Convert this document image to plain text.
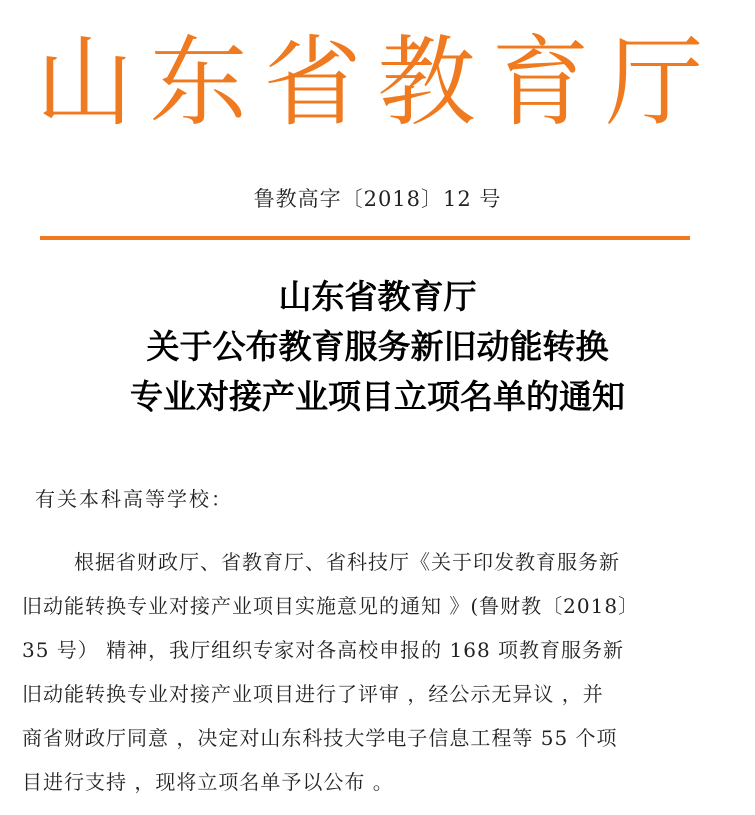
山东省教育厅
鲁教高字〔2018〕12 号
山东省教育厅
关于公布教育服务新旧动能转换
专业对接产业项目立项名单的通知
有关本科高等学校：
根据省财政厅、省教育厅、省科技厅《关于印发教育服务新
旧动能转换专业对接产业项目实施意见的通知 》(鲁财教〔2018〕
35 号） 精神，我厅组织专家对各高校申报的 168 项教育服务新
旧动能转换专业对接产业项目进行了评审 ，经公示无异议 ，并
商省财政厅同意 ，决定对山东科技大学电子信息工程等 55 个项
目进行支持 ，现将立项名单予以公布 。
